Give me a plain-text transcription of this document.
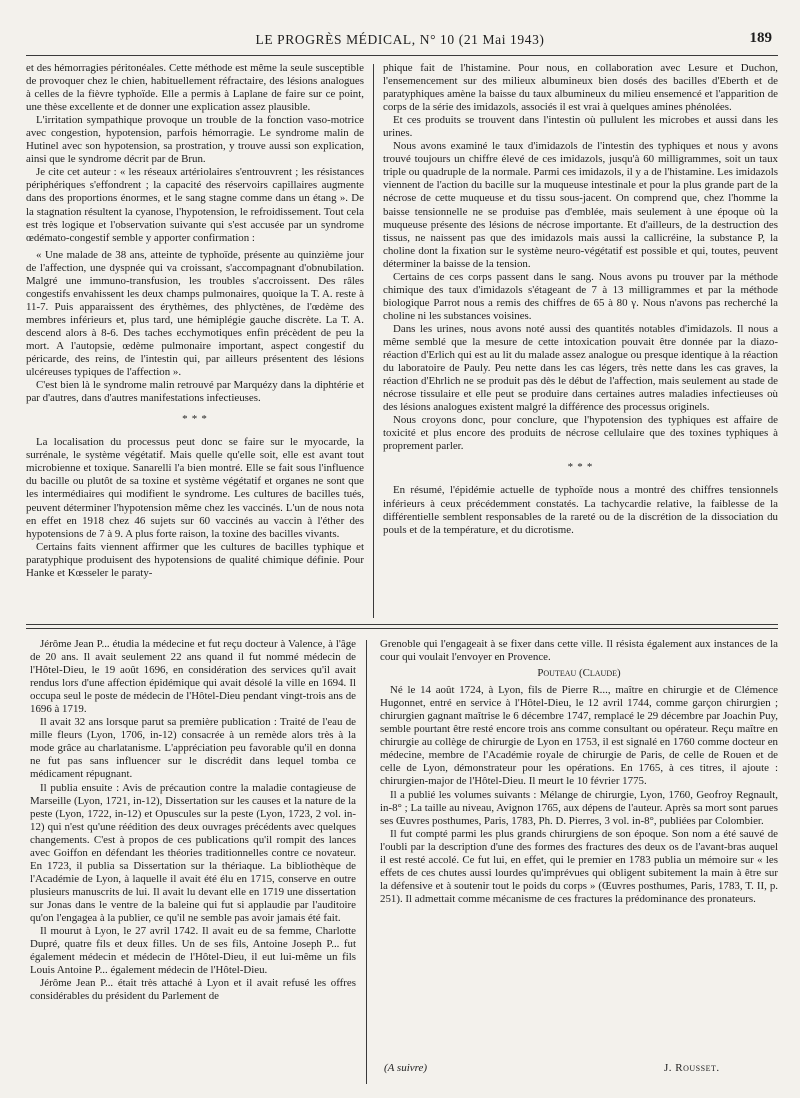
LE PROGRÈS MÉDICAL, N° 10 (21 Mai 1943)	189

et des hémorragies péritonéales. Cette méthode est même la seule susceptible de provoquer chez le chien, habituellement réfractaire, des lésions analogues à celles de la fièvre typhoïde. Elle a permis à Laplane de faire sur ce point, une thèse excellente et de donner une explication assez plausible.

L'irritation sympathique provoque un trouble de la fonction vaso-motrice avec congestion, hypotension, parfois hémorragie. Le syndrome malin de Hutinel avec son hypotension, sa prostration, y trouve aussi son explication, ainsi que le syndrome décrit par de Brun.

Je cite cet auteur : « les réseaux artériolaires s'entrouvrent ; les résistances périphériques s'effondrent ; la capacité des réservoirs capillaires augmente dans des proportions énormes, et le sang stagne comme dans un étang ». De la stagnation résultent la cyanose, l'hypotension, le refroidissement. Tout cela est très logique et l'observation suivante qui s'est accusée par un syndrome œdémato-congestif semble y apporter confirmation :

« Une malade de 38 ans, atteinte de typhoïde, présente au quinzième jour de l'affection, une dyspnée qui va croissant, s'accompagnant d'obnubilation. Malgré une immuno-transfusion, les troubles s'accroissent. Des râles congestifs envahissent les deux champs pulmonaires, quoique la T. A. reste à 11-7. Puis apparaissent des érythèmes, des phlyctènes, de l'œdème des membres inférieurs et, plus tard, une hémiplégie gauche discrète. La T. A. descend alors à 8-6. Des taches ecchymotiques enfin précèdent de peu la mort. A l'autopsie, œdème pulmonaire important, aspect congestif du péricarde, des reins, de l'intestin qui, par ailleurs présentent des lésions ulcéreuses typiques de l'affection ».

C'est bien là le syndrome malin retrouvé par Marquézy dans la diphtérie et par d'autres, dans d'autres manifestations infectieuses.

* * *

La localisation du processus peut donc se faire sur le myocarde, la surrénale, le système végétatif. Mais quelle qu'elle soit, elle est avant tout microbienne et toxique. Sanarelli l'a bien montré. Elle se fait sous l'influence du bacille ou plutôt de sa toxine et système végétatif et organes ne sont que les intermédiaires qui modifient le syndrome. Les cultures de bacilles tués, peuvent déterminer l'hypotension même chez les vaccinés. L'un de nous nota en effet en 1918 chez 46 sujets sur 60 vaccinés au vaccin à l'éther des hypotensions de 7 à 9. A plus forte raison, la toxine des bacilles vivants.

Certains faits viennent affirmer que les cultures de bacilles typhique et paratyphique produisent des hypotensions de qualité chimique définie. Pour Hanke et Kœsseler le paraty-

phique fait de l'histamine. Pour nous, en collaboration avec Lesure et Duchon, l'ensemencement sur des milieux albumineux bien dosés des bacilles d'Eberth et de paratyphiques amène la baisse du taux albumineux du milieu ensemencé et l'apparition de corps de la série des imidazols, associés il est vrai à quelques amines phénolées.

Et ces produits se trouvent dans l'intestin où pullulent les microbes et aussi dans les urines.

Nous avons examiné le taux d'imidazols de l'intestin des typhiques et nous y avons trouvé toujours un chiffre élevé de ces imidazols, jusqu'à 60 milligrammes, soit un taux triple ou quadruple de la normale. Parmi ces imidazols, il y a de l'histamine. Les imidazols viennent de l'action du bacille sur la muqueuse intestinale et pour la plus grande part de la nécrose de cette muqueuse et du tissu sous-jacent. On comprend que, chez l'homme la baisse tensionnelle ne se produise pas d'emblée, mais seulement à une époque où la muqueuse présente des lésions de nécrose importante. Et d'ailleurs, de la destruction des tissus, ne naissent pas que des imidazols mais aussi la callicréine, la substance P, la choline dont la fixation sur le système neuro-végétatif est possible et qui, toutes, peuvent déterminer la baisse de la tension.

Certains de ces corps passent dans le sang. Nous avons pu trouver par la méthode chimique des taux d'imidazols s'étageant de 7 à 13 milligrammes et par la méthode biologique Parrot nous a remis des chiffres de 65 à 80 γ. Nous n'avons pas recherché la choline ni les substances voisines.

Dans les urines, nous avons noté aussi des quantités notables d'imidazols. Il nous a même semblé que la mesure de cette intoxication pouvait être donnée par la diazo-réaction d'Erlich qui est au lit du malade assez analogue ou presque identique à la réaction du laboratoire de Pauly. Peu nette dans les cas légers, très nette dans les cas graves, la réaction d'Ehrlich ne se produit pas dès le début de l'affection, mais seulement au stade de nécrose tissulaire et elle peut se produire dans certaines autres maladies infectieuses où des lésions analogues existent malgré la différence des processus originels.

Nous croyons donc, pour conclure, que l'hypotension des typhiques est affaire de toxicité et plus encore des produits de nécrose cellulaire que des toxines typhiques à proprement parler.

* * *

En résumé, l'épidémie actuelle de typhoïde nous a montré des chiffres tensionnels inférieurs à ceux précédemment constatés. La tachycardie relative, la faiblesse de la différentielle semblent responsables de la rareté ou de la discrétion de la dissociation du pouls et de la température, et du dicrotisme.

Jérôme Jean P... étudia la médecine et fut reçu docteur à Valence, à l'âge de 20 ans. Il avait seulement 22 ans quand il fut nommé médecin de l'Hôtel-Dieu, le 19 août 1696, en considération des services qu'il avait rendus lors d'une affection épidémique qui avait désolé la ville en 1694. Il occupa seul le poste de médecin de l'Hôtel-Dieu pendant vingt-trois ans de 1696 à 1719.

Il avait 32 ans lorsque parut sa première publication : Traité de l'eau de mille fleurs (Lyon, 1706, in-12) consacrée à un remède alors très à la mode grâce au charlatanisme. L'appréciation peu favorable qu'il en donna ne fut pas sans influencer sur le discrédit dans lequel tomba ce médicament répugnant.

Il publia ensuite : Avis de précaution contre la maladie contagieuse de Marseille (Lyon, 1721, in-12), Dissertation sur les causes et la nature de la peste (Lyon, 1722, in-12) et Opuscules sur la peste (Lyon, 1723, 2 vol. in-12) qui n'est qu'une réédition des deux ouvrages précédents avec quelques changements. C'est à propos de ces publications qu'il rompit des lances avec Goiffon en défendant les théories traditionnelles contre ce novateur. En 1723, il publia sa Dissertation sur la thériaque. La bibliothèque de l'Académie de Lyon, à laquelle il avait été élu en 1715, conserve en outre plusieurs manuscrits de lui. Il avait lu devant elle en 1719 une dissertation sur Jonas dans le ventre de la baleine qui fut si applaudie par l'auditoire qu'on l'engagea à la publier, ce qu'il ne semble pas avoir jamais été fait.

Il mourut à Lyon, le 27 avril 1742. Il avait eu de sa femme, Charlotte Dupré, quatre fils et deux filles. Un de ses fils, Antoine Joseph P... fut également médecin et médecin de l'Hôtel-Dieu, il eut lui-même un fils Louis Antoine P... également médecin de l'Hôtel-Dieu.

Jérôme Jean P... était très attaché à Lyon et il avait refusé les offres considérables du président du Parlement de

Grenoble qui l'engageait à se fixer dans cette ville. Il résista également aux instances de la cour qui voulait l'envoyer en Provence.

Pouteau (Claude)

Né le 14 août 1724, à Lyon, fils de Pierre R..., maître en chirurgie et de Clémence Hugonnet, entré en service à l'Hôtel-Dieu, le 12 avril 1744, comme garçon chirurgien ; chirurgien gagnant maîtrise le 6 décembre 1747, remplacé le 29 décembre par Joachin Puy, semble pourtant être resté encore trois ans comme consultant ou opérateur. Reçu maître en chirurgie au collège de chirurgie de Lyon en 1753, il est signalé en 1760 comme docteur en médecine, membre de l'Académie royale de chirurgie de Paris, de celle de Rouen et de celle de Lyon, démonstrateur pour les opérations. En 1765, à ces titres, il ajoute : chirurgien-major de l'Hôtel-Dieu. Il meurt le 10 février 1775.

Il a publié les volumes suivants : Mélange de chirurgie, Lyon, 1760, Geofroy Regnault, in-8° ; La taille au niveau, Avignon 1765, aux dépens de l'auteur. Après sa mort sont parues ses Œuvres posthumes, Paris, 1783, Ph. D. Pierres, 3 vol. in-8°, publiées par Colombier.

Il fut compté parmi les plus grands chirurgiens de son époque. Son nom a été sauvé de l'oubli par la description d'une des formes des fractures des deux os de l'avant-bras auquel il est resté accolé. Ce fut lui, en effet, qui le premier en 1783 publia un mémoire sur « les effets de ces chutes aussi lourdes qu'imprévues qui obligent subitement la main à être sur la défensive et à soutenir tout le poids du corps » (Œuvres posthumes, Paris, 1783, T. II, p. 251). Il admettait comme mécanisme de ces fractures la prédominance des pronateurs.

(A suivre)	J. Rousset.
